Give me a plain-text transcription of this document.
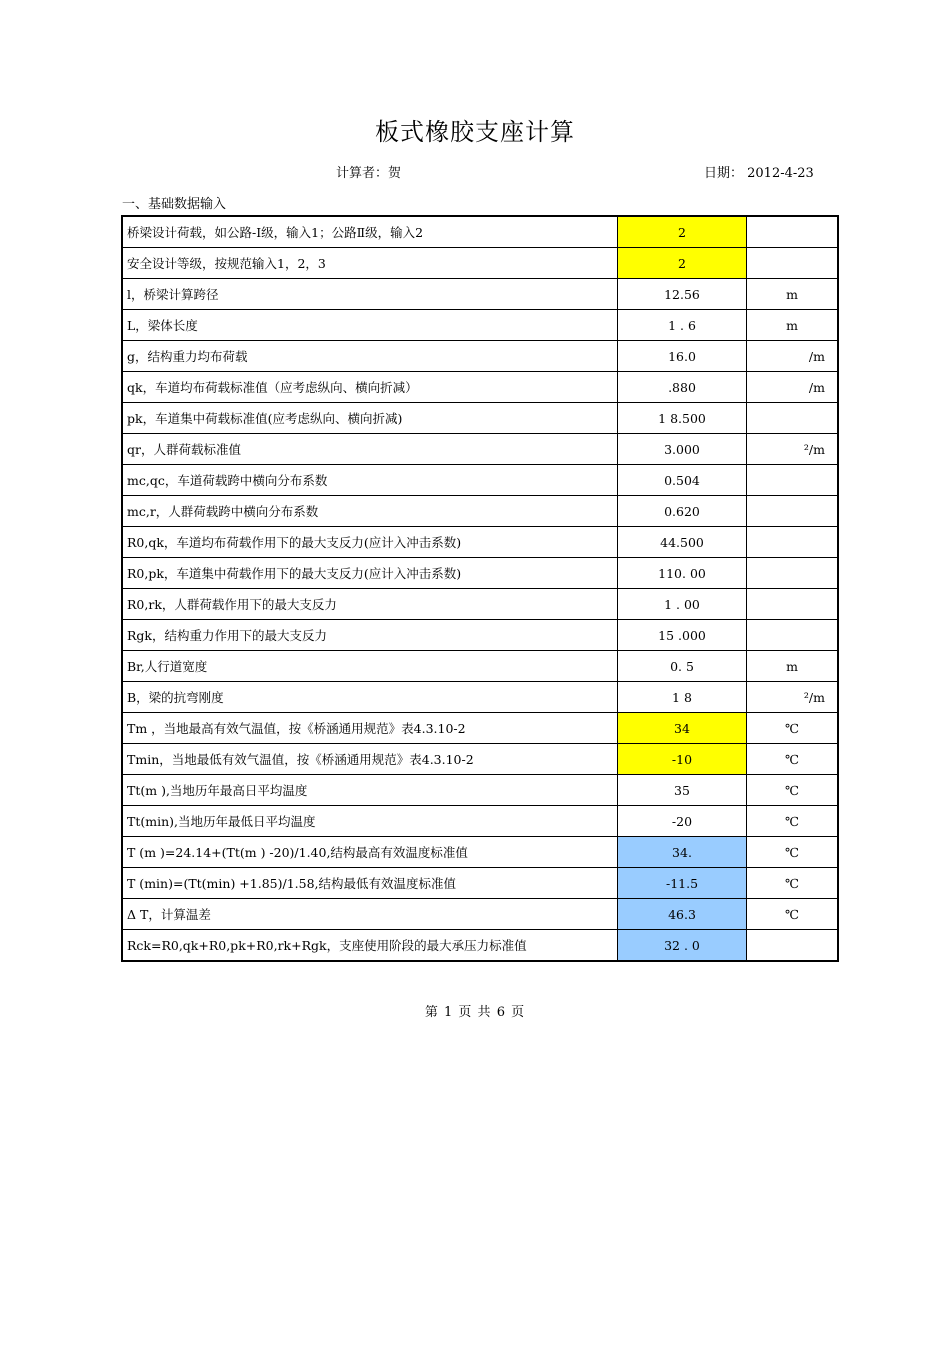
板式橡胶支座计算
计算者：贺	日期： 2012-4-23
一、基础数据输入
桥梁设计荷载，如公路-I级，输入1；公路Ⅱ级，输入2	2	
安全设计等级，按规范输入1，2，3	2	
l，桥梁计算跨径	12.56	m
L，梁体长度	1 . 6	m
g，结构重力均布荷载	16.0	/m
qk，车道均布荷载标准值（应考虑纵向、横向折减）	.880	/m
pk，车道集中荷载标准值(应考虑纵向、横向折减)	1 8.500	
qr，人群荷载标准值	3.000	²/m
mc,qc，车道荷载跨中横向分布系数	0.504	
mc,r，人群荷载跨中横向分布系数	0.620	
R0,qk，车道均布荷载作用下的最大支反力(应计入冲击系数)	44.500	
R0,pk，车道集中荷载作用下的最大支反力(应计入冲击系数)	110. 00	
R0,rk，人群荷载作用下的最大支反力	1 . 00	
Rgk，结构重力作用下的最大支反力	15 .000	
Br,人行道宽度	0. 5	m
B，梁的抗弯刚度	1 8	²/m
Tm ，当地最高有效气温值，按《桥涵通用规范》表4.3.10-2	34	℃
Tmin，当地最低有效气温值，按《桥涵通用规范》表4.3.10-2	-10	℃
Tt(m ),当地历年最高日平均温度	35	℃
Tt(min),当地历年最低日平均温度	-20	℃
T (m )=24.14+(Tt(m ) -20)/1.40,结构最高有效温度标准值	34.	℃
T (min)=(Tt(min) +1.85)/1.58,结构最低有效温度标准值	-11.5	℃
Δ T，计算温差	46.3	℃
Rck=R0,qk+R0,pk+R0,rk+Rgk，支座使用阶段的最大承压力标准值	32 . 0	
第 1 页 共 6 页
